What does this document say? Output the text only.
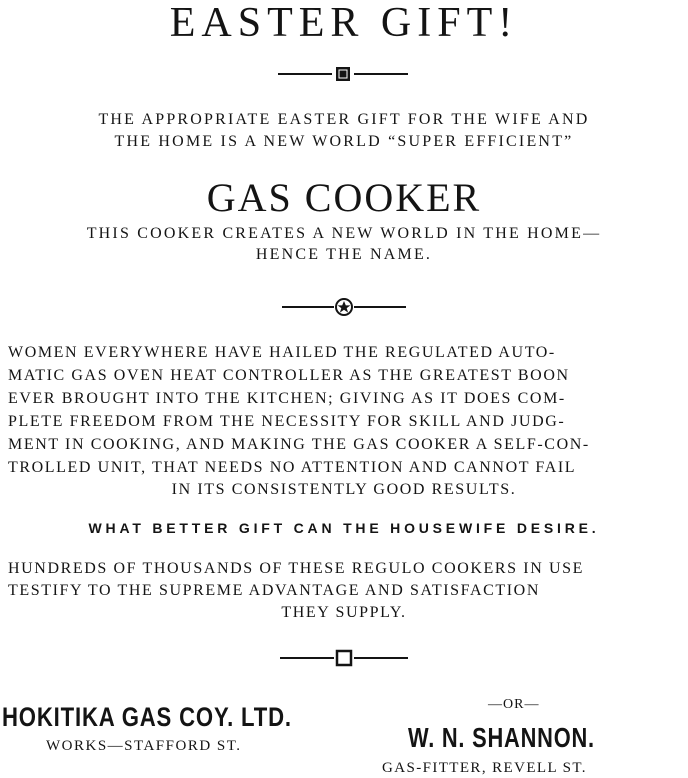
EASTER GIFT!
THE APPROPRIATE EASTER GIFT FOR THE WIFE AND
THE HOME IS A NEW WORLD “SUPER EFFICIENT”
GAS COOKER
THIS COOKER CREATES A NEW WORLD IN THE HOME—
HENCE THE NAME.
WOMEN EVERYWHERE HAVE HAILED THE REGULATED AUTO-
MATIC GAS OVEN HEAT CONTROLLER AS THE GREATEST BOON
EVER BROUGHT INTO THE KITCHEN; GIVING AS IT DOES COM-
PLETE FREEDOM FROM THE NECESSITY FOR SKILL AND JUDG-
MENT IN COOKING, AND MAKING THE GAS COOKER A SELF-CON-
TROLLED UNIT, THAT NEEDS NO ATTENTION AND CANNOT FAIL
IN ITS CONSISTENTLY GOOD RESULTS.
WHAT BETTER GIFT CAN THE HOUSEWIFE DESIRE.
HUNDREDS OF THOUSANDS OF THESE REGULO COOKERS IN USE
TESTIFY TO THE SUPREME ADVANTAGE AND SATISFACTION
THEY SUPPLY.
HOKITIKA GAS COY. LTD.
WORKS—STAFFORD ST.
—OR—
W. N. SHANNON.
GAS-FITTER, REVELL ST.
